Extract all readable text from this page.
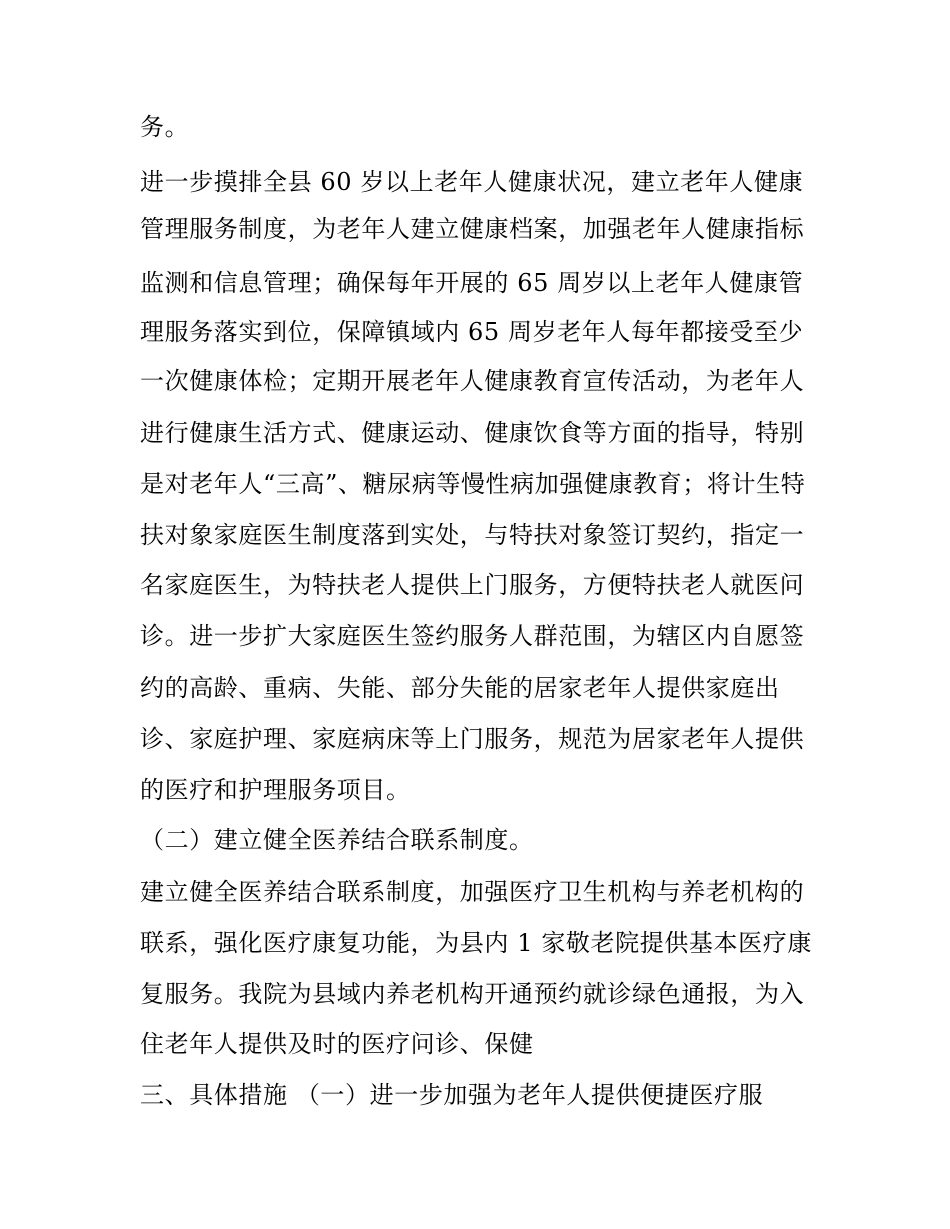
务。
进一步摸排全县 60 岁以上老年人健康状况，建立老年人健康
管理服务制度，为老年人建立健康档案，加强老年人健康指标
监测和信息管理；确保每年开展的 65 周岁以上老年人健康管
理服务落实到位，保障镇域内 65 周岁老年人每年都接受至少
一次健康体检；定期开展老年人健康教育宣传活动，为老年人
进行健康生活方式、健康运动、健康饮食等方面的指导，特别
是对老年人“三高”、糖尿病等慢性病加强健康教育；将计生特
扶对象家庭医生制度落到实处，与特扶对象签订契约，指定一
名家庭医生，为特扶老人提供上门服务，方便特扶老人就医问
诊。进一步扩大家庭医生签约服务人群范围，为辖区内自愿签
约的高龄、重病、失能、部分失能的居家老年人提供家庭出
诊、家庭护理、家庭病床等上门服务，规范为居家老年人提供
的医疗和护理服务项目。
（二）建立健全医养结合联系制度。
建立健全医养结合联系制度，加强医疗卫生机构与养老机构的
联系，强化医疗康复功能，为县内 1 家敬老院提供基本医疗康
复服务。我院为县域内养老机构开通预约就诊绿色通报，为入
住老年人提供及时的医疗问诊、保健
三、具体措施 （一）进一步加强为老年人提供便捷医疗服
